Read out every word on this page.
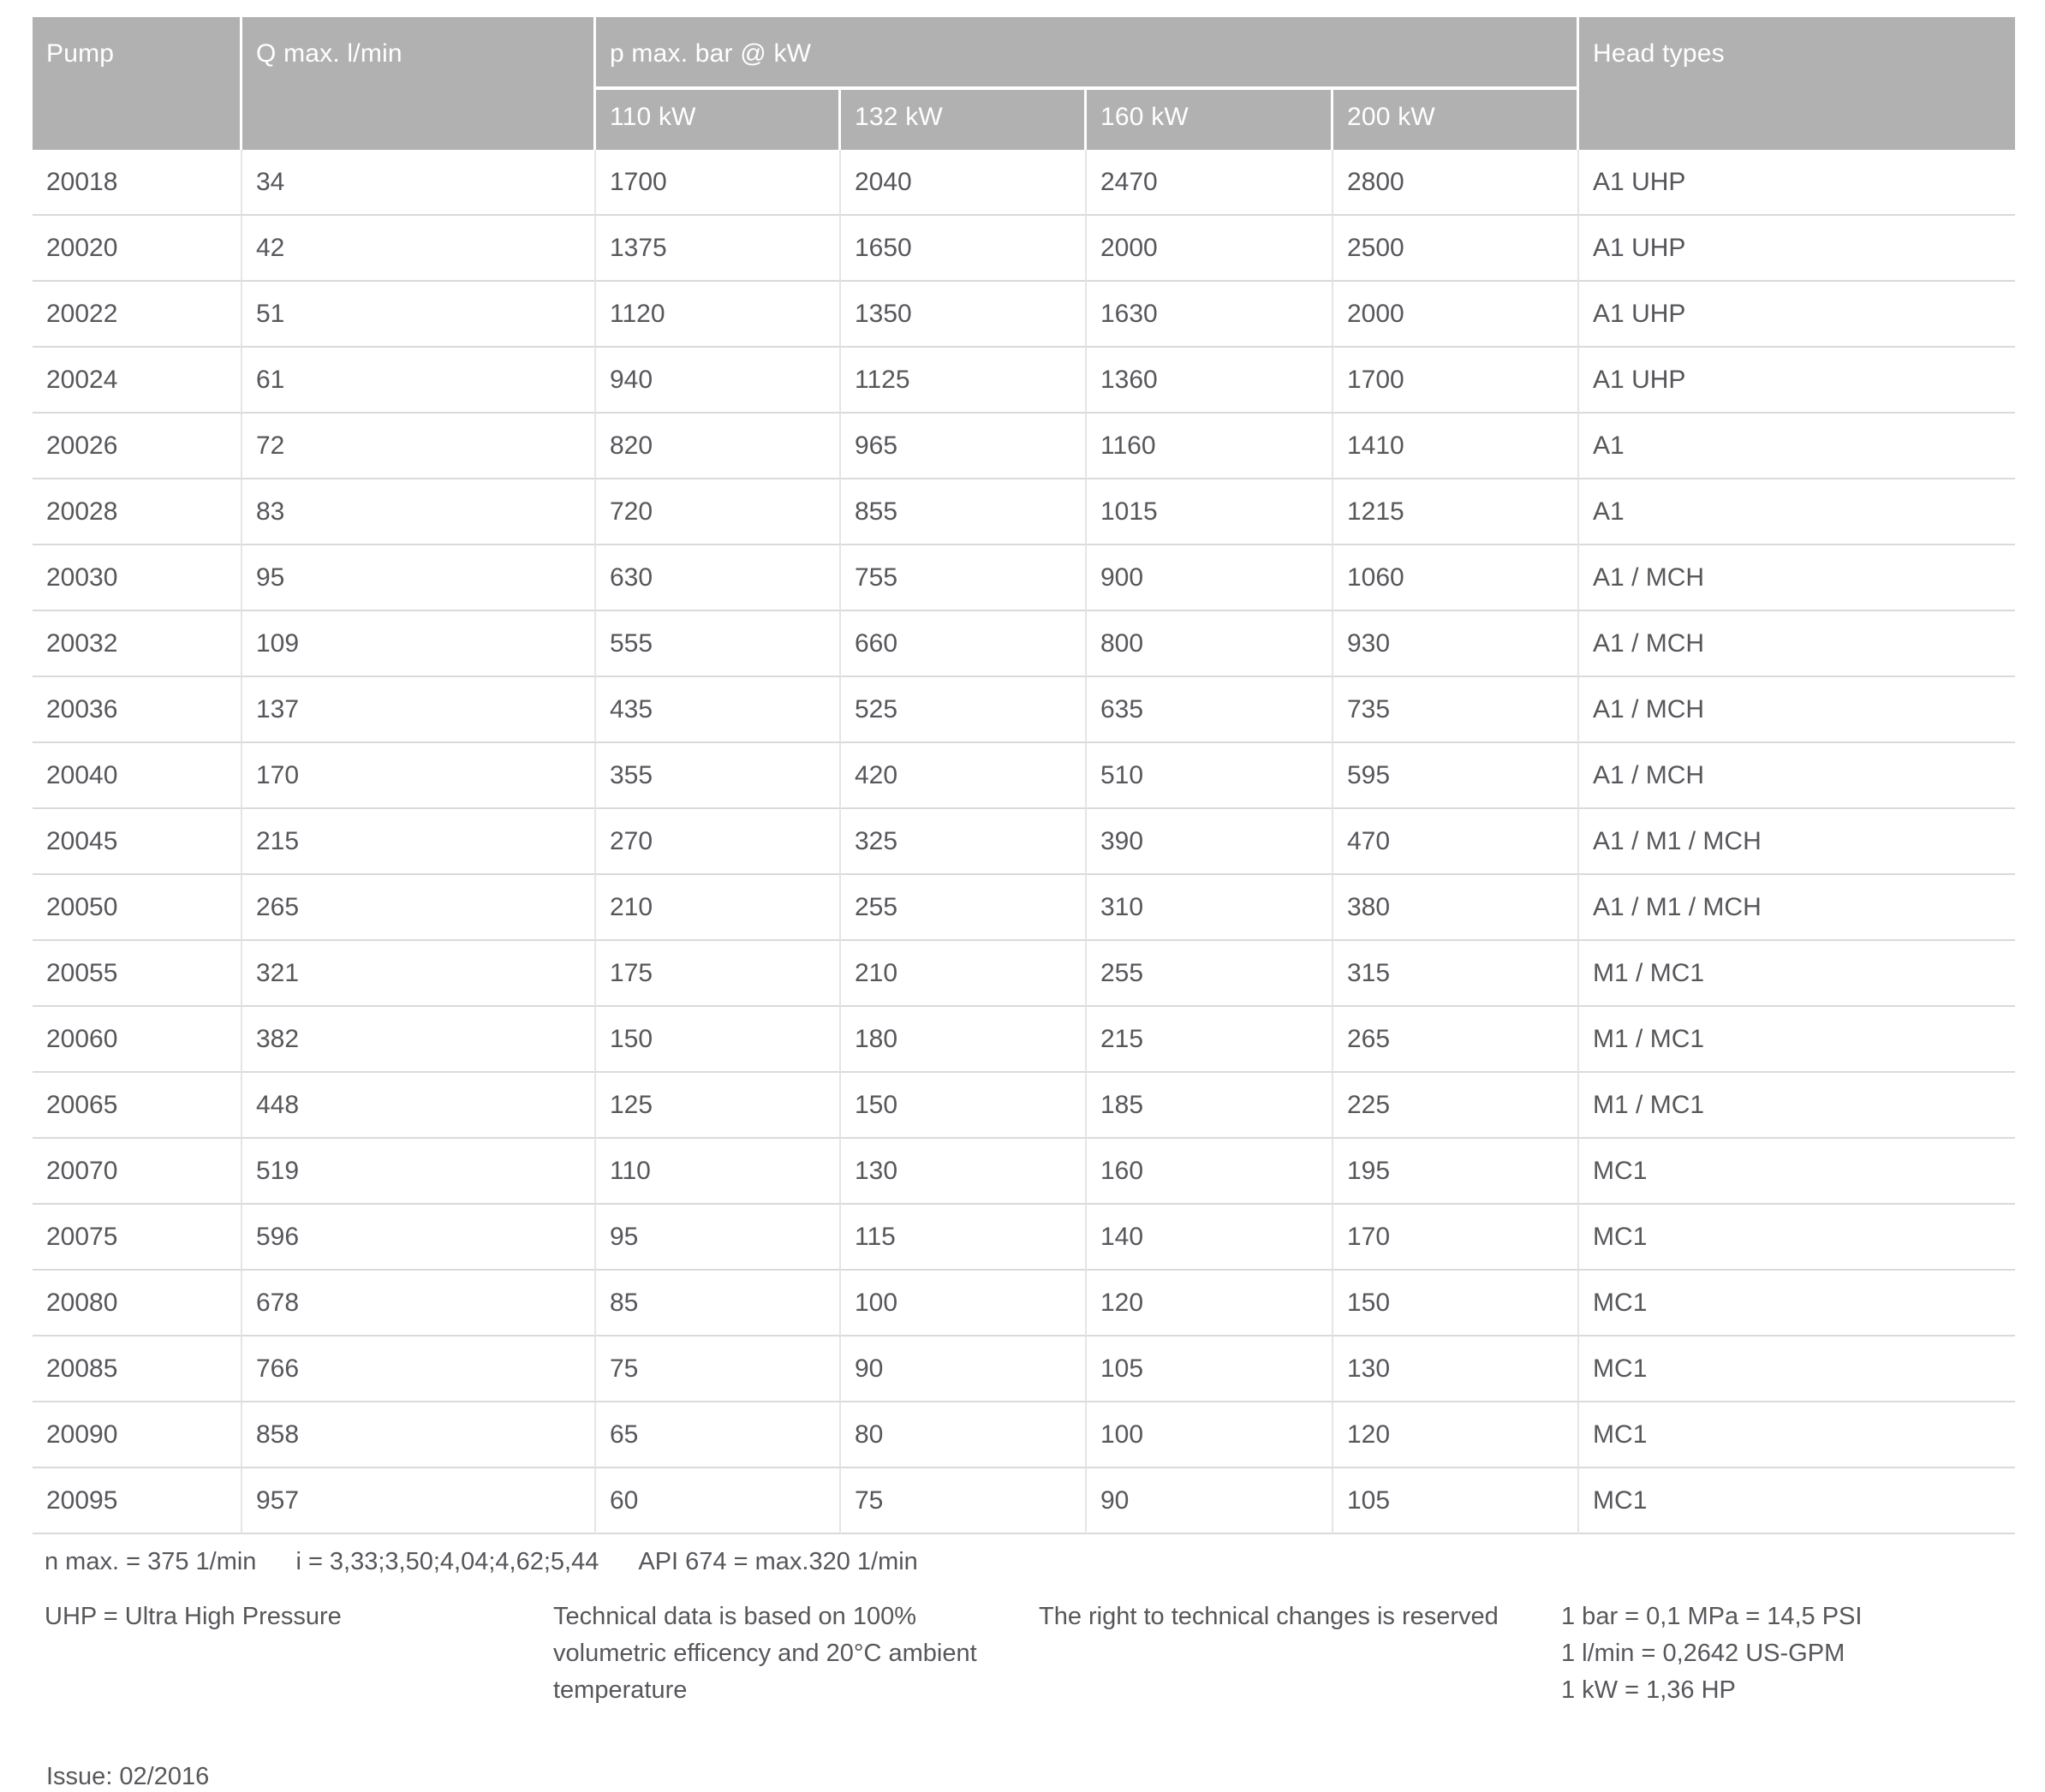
Pump	Q max. l/min	p max. bar @ kW				Head types
		110 kW	132 kW	160 kW	200 kW	
20018	34	1700	2040	2470	2800	A1 UHP
20020	42	1375	1650	2000	2500	A1 UHP
20022	51	1120	1350	1630	2000	A1 UHP
20024	61	940	1125	1360	1700	A1 UHP
20026	72	820	965	1160	1410	A1
20028	83	720	855	1015	1215	A1
20030	95	630	755	900	1060	A1 / MCH
20032	109	555	660	800	930	A1 / MCH
20036	137	435	525	635	735	A1 / MCH
20040	170	355	420	510	595	A1 / MCH
20045	215	270	325	390	470	A1 / M1 / MCH
20050	265	210	255	310	380	A1 / M1 / MCH
20055	321	175	210	255	315	M1 / MC1
20060	382	150	180	215	265	M1 / MC1
20065	448	125	150	185	225	M1 / MC1
20070	519	110	130	160	195	MC1
20075	596	95	115	140	170	MC1
20080	678	85	100	120	150	MC1
20085	766	75	90	105	130	MC1
20090	858	65	80	100	120	MC1
20095	957	60	75	90	105	MC1
n max. = 375 1/min i = 3,33;3,50;4,04;4,62;5,44 API 674 = max.320 1/min
UHP = Ultra High Pressure	Technical data is based on 100% volumetric efficency and 20°C ambient temperature
The right to technical changes is reserved	1 bar = 0,1 MPa = 14,5 PSI
1 l/min = 0,2642 US-GPM
1 kW = 1,36 HP
Issue: 02/2016
